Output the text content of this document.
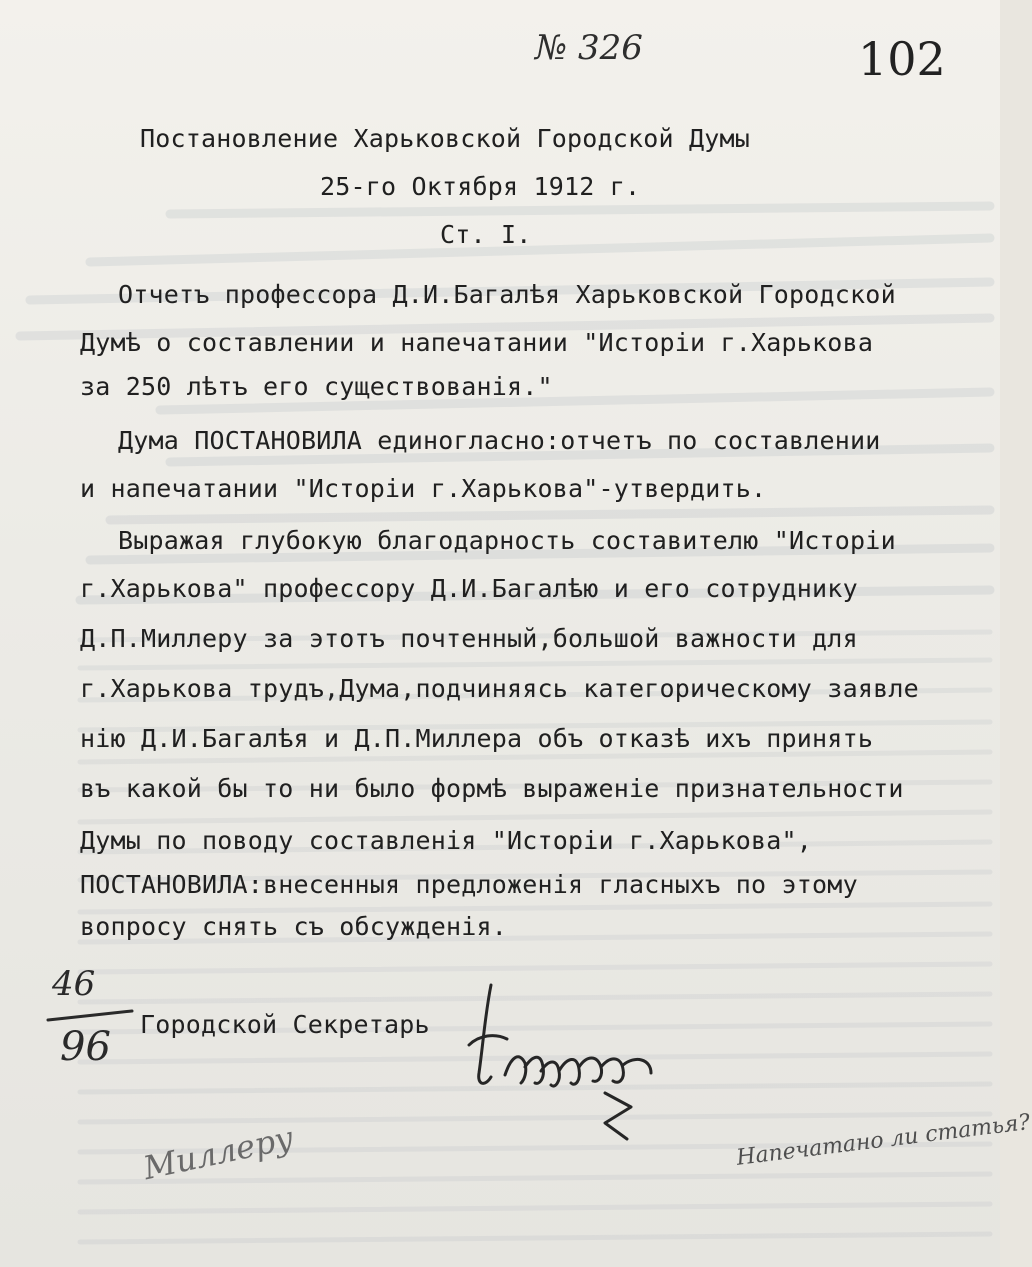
№ 326	102
Постановление Харьковской Городской Думы
25-го Октября 1912 г.
Ст. I.
Отчетъ профессора Д.И.Багалѣя Харьковской Городской
Думѣ о составлении и напечатании "Исторіи г.Харькова
за 250 лѣтъ его существованія."
Дума ПОСТАНОВИЛА единогласно:отчетъ по составлении
и напечатании "Исторіи г.Харькова"-утвердить.
Выражая глубокую благодарность составителю "Исторіи
г.Харькова" профессору Д.И.Багалѣю и его сотруднику
Д.П.Миллеру за этотъ почтенный,большой важности для
г.Харькова трудъ,Дума,подчиняясь категорическому заявле
нію Д.И.Багалѣя и Д.П.Миллера объ отказѣ ихъ принять
въ какой бы то ни было формѣ выраженіе признательности
Думы по поводу составленія "Исторіи г.Харькова",
ПОСТАНОВИЛА:внесенныя предложенія гласныхъ по этому
вопросу снять съ обсужденія.
Городской Секретарь
46
96
Миллеру	Напечатано ли статья?
